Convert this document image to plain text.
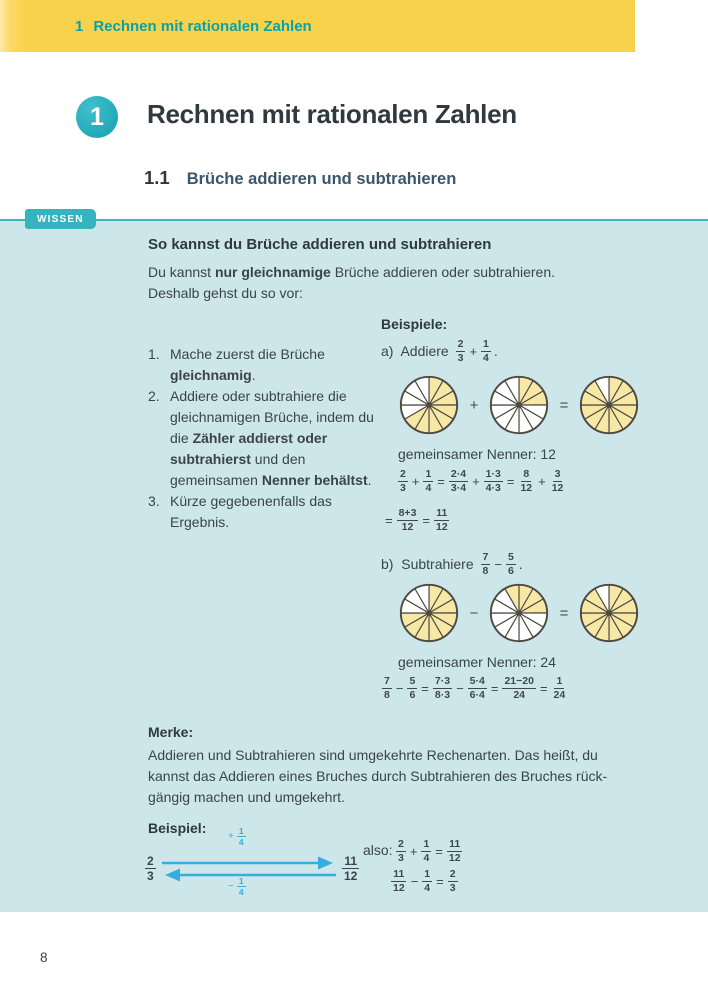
1 Rechnen mit rationalen Zahlen
1 Rechnen mit rationalen Zahlen
1.1 Brüche addieren und subtrahieren
WISSEN
So kannst du Brüche addieren und subtrahieren
Du kannst nur gleichnamige Brüche addieren oder subtrahieren.
Deshalb gehst du so vor:
Beispiele:
1. Mache zuerst die Brüche gleichnamig.
2. Addiere oder subtrahiere die gleichnamigen Brüche, indem du die Zähler addierst oder subtrahierst und den gemeinsamen Nenner behältst.
3. Kürze gegebenenfalls das Ergebnis.
a)  Addiere $\frac{2}{3} + \frac{1}{4}$ .
+	=
gemeinsamer Nenner: 12
$\frac{2}{3} + \frac{1}{4} = \frac{2\cdot 4}{3\cdot 4} + \frac{1\cdot 3}{4\cdot 3} = \frac{8}{12} + \frac{3}{12}$
= $\frac{8+3}{12} = \frac{11}{12}$
b)  Subtrahiere $\frac{7}{8} - \frac{5}{6}$ .
−	=
gemeinsamer Nenner: 24
$\frac{7}{8} - \frac{5}{6} = \frac{7\cdot 3}{8\cdot 3} - \frac{5\cdot 4}{6\cdot 4} = \frac{21-20}{24} = \frac{1}{24}$
Merke:
Addieren und Subtrahieren sind umgekehrte Rechenarten. Das heißt, du
kannst das Addieren eines Bruches durch Subtrahieren des Bruches rück-
gängig machen und umgekehrt.
Beispiel:
$\frac{2}{3}$	$\frac{11}{12}$
+ $\frac{1}{4}$
− $\frac{1}{4}$
also: $\frac{2}{3} + \frac{1}{4} = \frac{11}{12}$
$\frac{11}{12} - \frac{1}{4} = \frac{2}{3}$
8
